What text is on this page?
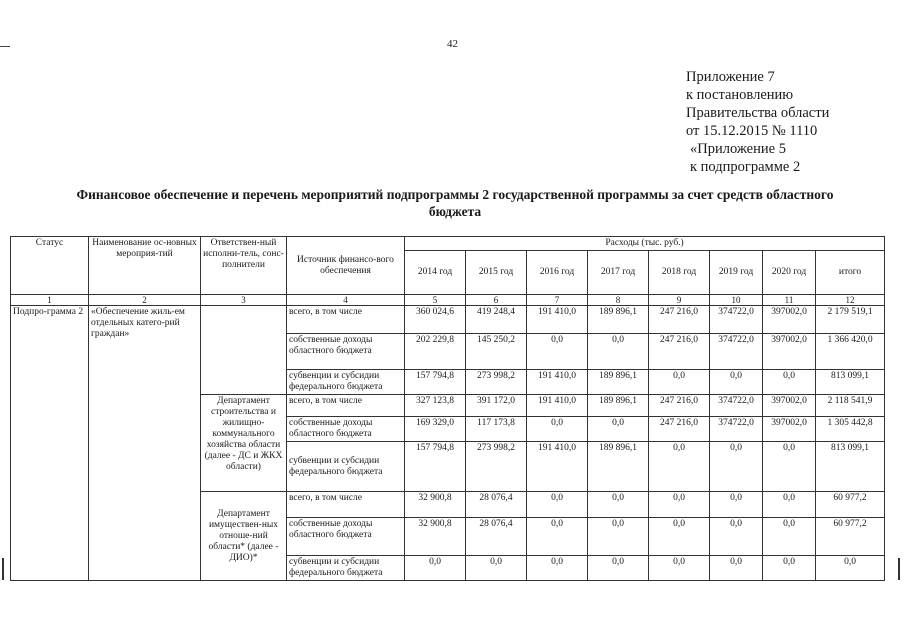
42
Приложение 7
к постановлению
Правительства области
от 15.12.2015 № 1110
«Приложение 5
к подпрограмме 2
Финансовое обеспечение и перечень мероприятий подпрограммы 2 государственной программы за счет средств областного бюджета
Статус	Наименование ос-новных мероприя-тий	Ответствен-ный исполни-тель, сонс-полнители	Источник финансо-вого обеспечения	Расходы (тыс. руб.)							
				2014 год	2015 год	2016 год	2017 год	2018 год	2019 год	2020 год	итого
1	2	3	4	5	6	7	8	9	10	11	12
Подпро-грамма 2	«Обеспечение жиль-ем отдельных катего-рий граждан»		всего, в том числе	360 024,6	419 248,4	191 410,0	189 896,1	247 216,0	374722,0	397002,0	2 179 519,1
			собственные доходы областного бюджета	202 229,8	145 250,2	0,0	0,0	247 216,0	374722,0	397002,0	1 366 420,0
			субвенции и субсидии федерального бюджета	157 794,8	273 998,2	191 410,0	189 896,1	0,0	0,0	0,0	813 099,1
		Департамент строительства и жилищно-коммунального хозяйства области (далее - ДС и ЖКХ области)	всего, в том числе	327 123,8	391 172,0	191 410,0	189 896,1	247 216,0	374722,0	397002,0	2 118 541,9
			собственные доходы областного бюджета	169 329,0	117 173,8	0,0	0,0	247 216,0	374722,0	397002,0	1 305 442,8
			субвенции и субсидии федерального бюджета	157 794,8	273 998,2	191 410,0	189 896,1	0,0	0,0	0,0	813 099,1
		Департамент имуществен-ных отноше-ний области* (далее - ДИО)*	всего, в том числе	32 900,8	28 076,4	0,0	0,0	0,0	0,0	0,0	60 977,2
			собственные доходы областного бюджета	32 900,8	28 076,4	0,0	0,0	0,0	0,0	0,0	60 977,2
			субвенции и субсидии федерального бюджета	0,0	0,0	0,0	0,0	0,0	0,0	0,0	0,0
